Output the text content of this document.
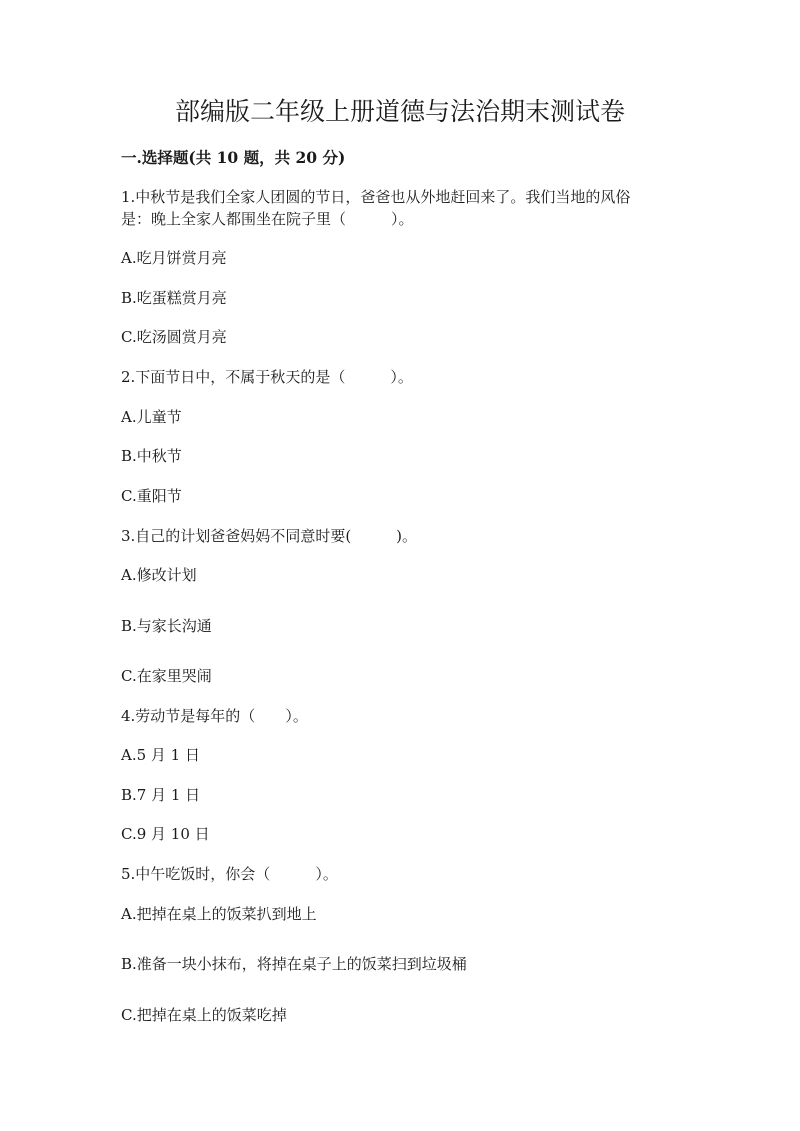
部编版二年级上册道德与法治期末测试卷
一.选择题(共 10 题，共 20 分)
1.中秋节是我们全家人团圆的节日，爸爸也从外地赶回来了。我们当地的风俗
是：晚上全家人都围坐在院子里（　　　）。
A.吃月饼赏月亮
B.吃蛋糕赏月亮
C.吃汤圆赏月亮
2.下面节日中，不属于秋天的是（　　　）。
A.儿童节
B.中秋节
C.重阳节
3.自己的计划爸爸妈妈不同意时要(　　　)。
A.修改计划
B.与家长沟通
C.在家里哭闹
4.劳动节是每年的（　　）。
A.5 月 1 日
B.7 月 1 日
C.9 月 10 日
5.中午吃饭时，你会（　　　）。
A.把掉在桌上的饭菜扒到地上
B.准备一块小抹布，将掉在桌子上的饭菜扫到垃圾桶
C.把掉在桌上的饭菜吃掉
